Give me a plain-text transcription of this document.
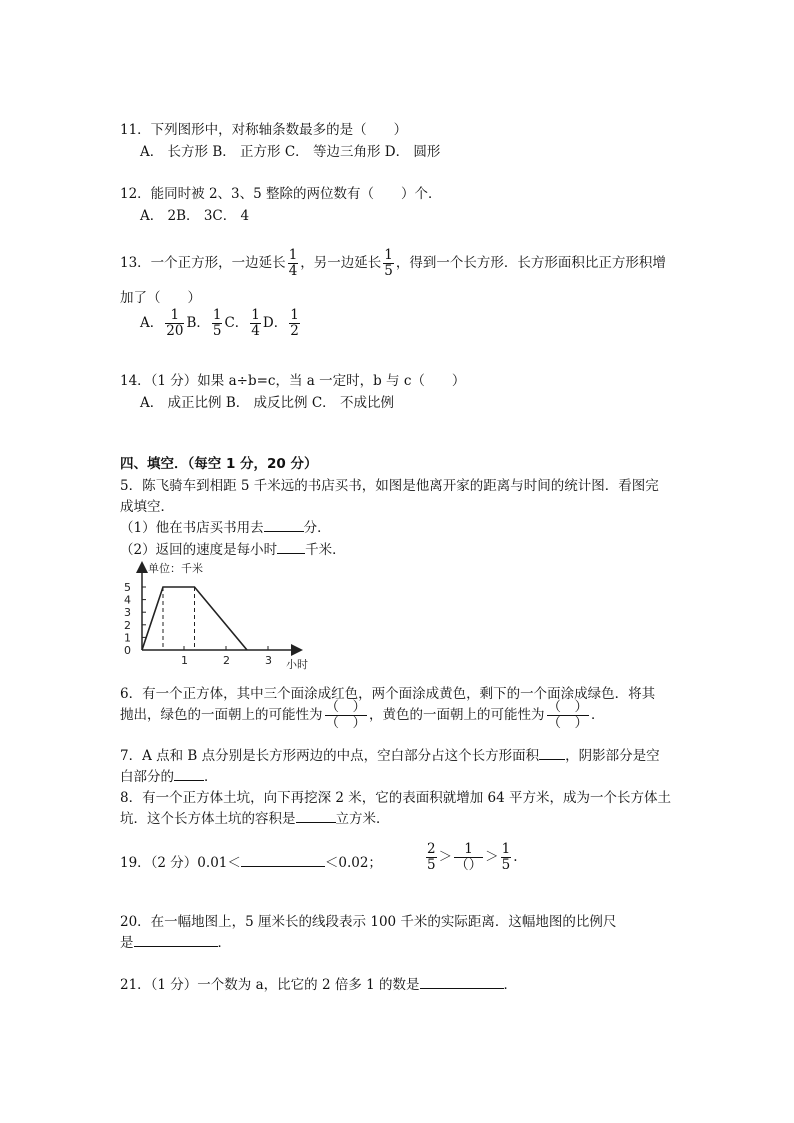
11．下列图形中，对称轴条数最多的是（　　）
A． 长方形 B． 正方形 C． 等边三角形 D． 圆形
12．能同时被 2、3、5 整除的两位数有（　　）个．
A． 2B． 3C． 4
13．一个正方形，一边延长 $\frac{1}{4}$ ，另一边延长 $\frac{1}{5}$ ，得到一个长方形．长方形面积比正方形积增
加了（　　）
A． $\frac{1}{20}$ B． $\frac{1}{5}$ C． $\frac{1}{4}$ D． $\frac{1}{2}$
14．（1 分）如果 a÷b=c，当 a 一定时，b 与 c（　　）
A． 成正比例 B． 成反比例 C． 不成比例
四、填空．（每空 1 分，20 分）
5．陈飞骑车到相距 5 千米远的书店买书，如图是他离开家的距离与时间的统计图．看图完
成填空．
（1）他在书店买书用去	分．
（2）返回的速度是每小时 千米．
单位：千米
小时
0
1
2
3
4
5
1	2	3
6．有一个正方体，其中三个面涂成红色，两个面涂成黄色，剩下的一个面涂成绿色．将其
抛出，绿色的一面朝上的可能性为 $\frac{( )}{( )}$ ，黄色的一面朝上的可能性为 $\frac{( )}{( )}$ ．
7．A 点和 B 点分别是长方形两边的中点，空白部分占这个长方形面积 ，阴影部分是空
白部分的 ．
8．有一个正方体土坑，向下再挖深 2 米，它的表面积就增加 64 平方米，成为一个长方体土
坑．这个长方体土坑的容积是	立方米．
19．（2 分）0.01＜	＜0.02；	$\frac{2}{5} > \frac{1}{()} > \frac{1}{5}$ .
20．在一幅地图上，5 厘米长的线段表示 100 千米的实际距离．这幅地图的比例尺
是	．
21．（1 分）一个数为 a，比它的 2 倍多 1 的数是	．
